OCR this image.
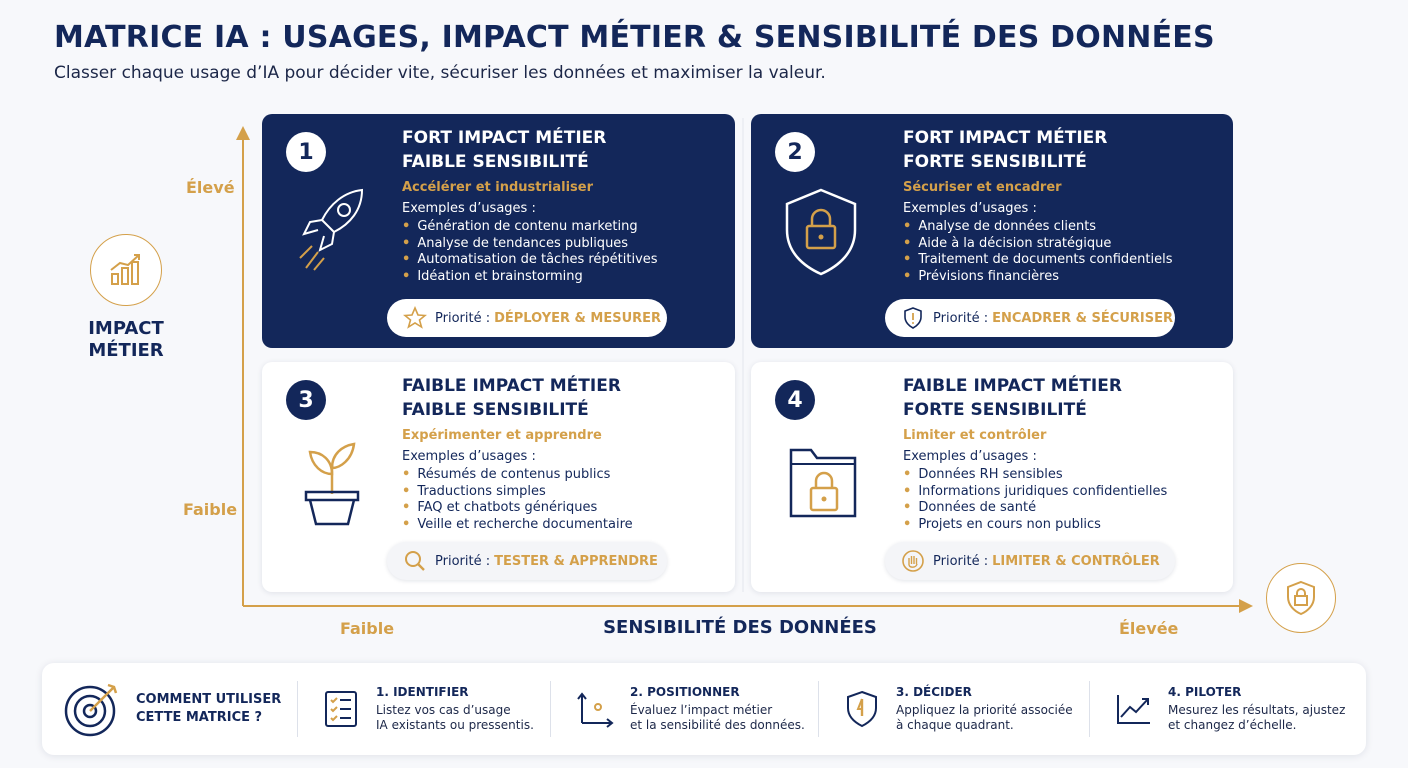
MATRICE IA : USAGES, IMPACT MÉTIER & SENSIBILITÉ DES DONNÉES
Classer chaque usage d’IA pour décider vite, sécuriser les données et maximiser la valeur.
Élevé
Faible
Faible	Élevée
IMPACT MÉTIER
SENSIBILITÉ DES DONNÉES
1
FORT IMPACT MÉTIER
FAIBLE SENSIBILITÉ
Accélérer et industrialiser
Exemples d’usages :
• Génération de contenu marketing
• Analyse de tendances publiques
• Automatisation de tâches répétitives
• Idéation et brainstorming
Priorité : DÉPLOYER & MESURER
2
FORT IMPACT MÉTIER
FORTE SENSIBILITÉ
Sécuriser et encadrer
Exemples d’usages :
• Analyse de données clients
• Aide à la décision stratégique
• Traitement de documents confidentiels
• Prévisions financières
Priorité : ENCADRER & SÉCURISER
3
FAIBLE IMPACT MÉTIER
FAIBLE SENSIBILITÉ
Expérimenter et apprendre
Exemples d’usages :
• Résumés de contenus publics
• Traductions simples
• FAQ et chatbots génériques
• Veille et recherche documentaire
Priorité : TESTER & APPRENDRE
4
FAIBLE IMPACT MÉTIER
FORTE SENSIBILITÉ
Limiter et contrôler
Exemples d’usages :
• Données RH sensibles
• Informations juridiques confidentielles
• Données de santé
• Projets en cours non publics
Priorité : LIMITER & CONTRÔLER
COMMENT UTILISER
CETTE MATRICE ?
1. IDENTIFIER
Listez vos cas d’usage
IA existants ou pressentis.
2. POSITIONNER
Évaluez l’impact métier
et la sensibilité des données.
3. DÉCIDER
Appliquez la priorité associée
à chaque quadrant.
4. PILOTER
Mesurez les résultats, ajustez
et changez d’échelle.
